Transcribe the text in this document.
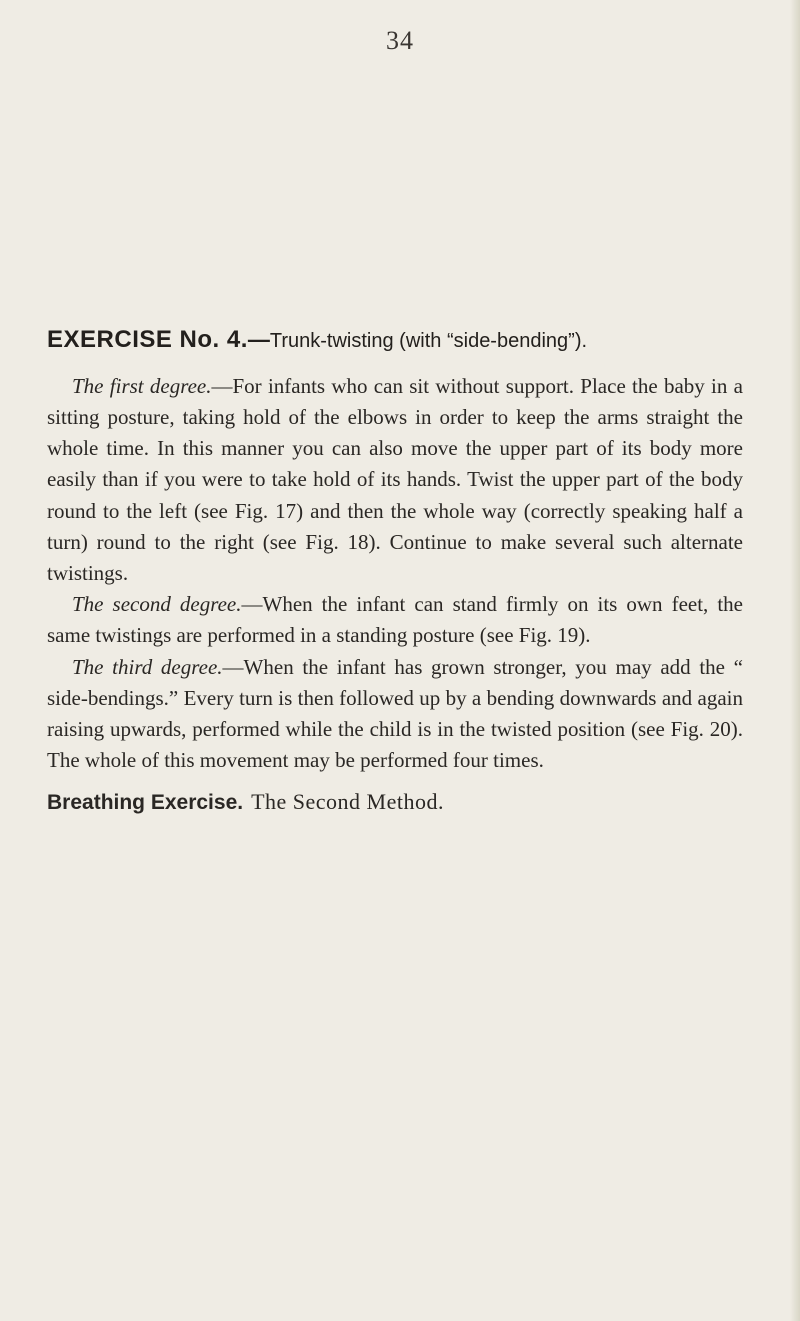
34
EXERCISE No. 4.—Trunk-twisting (with “side-bending”).

The first degree.—For infants who can sit without support. Place the baby in a sitting posture, taking hold of the elbows in order to keep the arms straight the whole time. In this manner you can also move the upper part of its body more easily than if you were to take hold of its hands. Twist the upper part of the body round to the left (see Fig. 17) and then the whole way (correctly speaking half a turn) round to the right (see Fig. 18). Continue to make several such alternate twistings.

The second degree.—When the infant can stand firmly on its own feet, the same twistings are performed in a standing posture (see Fig. 19).

The third degree.—When the infant has grown stronger, you may add the “ side-bendings.” Every turn is then followed up by a bending downwards and again raising upwards, performed while the child is in the twisted position (see Fig. 20). The whole of this movement may be performed four times.

Breathing Exercise. The Second Method.
